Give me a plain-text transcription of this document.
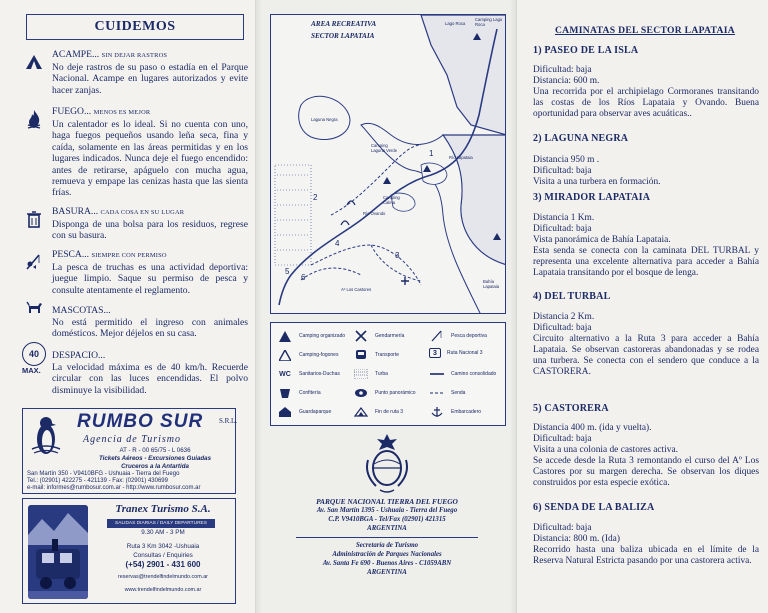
CUIDEMOS
ACAMPE... SIN DEJAR RASTROS
No deje rastros de su paso o estadía en el Parque Nacional. Acampe en lugares autorizados y evite hacer zanjas.
FUEGO... MENOS ES MEJOR
Un calentador es lo ideal. Si no cuenta con uno, haga fuegos pequeños usando leña seca, fina y caída, solamente en las áreas permitidas y en los lugares indicados. Nunca deje el fuego encendido: antes de retirarse, apáguelo con mucha agua, remueva y empape las cenizas hasta que las sienta frías.
BASURA... CADA COSA EN SU LUGAR
Disponga de una bolsa para los residuos, regrese con su basura.
PESCA... SIEMPRE CON PERMISO
La pesca de truchas es una actividad deportiva: juegue limpio. Saque su permiso de pesca y consulte atentamente el reglamento.
MASCOTAS...
No está permitido el ingreso con animales domésticos. Mejor déjelos en su casa.
40
MAX.
DESPACIO...
La velocidad máxima es de 40 km/h. Recuerde circular con las luces encendidas. El polvo disminuye la visibilidad.
RUMBO SUR S.R.L.
Agencia de Turismo
AT - R - 00 65/75 - L 0636
Tickets Aéreos - Excursiones Guiadas
Cruceros a la Antartida
San Martín 350 - V9410BFG - Ushuaia - Tierra del Fuego
Tel.: (02901) 422275 - 421139 - Fax: (02901) 430699
e-mail: informes@rumbosur.com.ar - http://www.rumbosur.com.ar
Tranex Turismo S.A.
SALIDAS DIARIAS / DAILY DEPARTURES
9.30 AM - 3 PM
Ruta 3 Km 3042 -Ushuaia
Consultas / Enquiries
(+54) 2901 - 431 600
reservas@trendelfindelmundo.com.ar
www.trendelfindelmundo.com.ar
AREA RECREATIVA
SECTOR LAPATAIA
Lago Roca
Camping Lago Roca
Laguna Negra
Camping Laguna Verde
Camping Caleta
Bahía Lapataia
Río Ovando
Río Lapataia
Aº Los Castores
5
3
1
4
2
6
Camping organizado
Camping-fogones
WC	Sanitarios-Duchas
Confitería
Guardaparque
Gendarmería
Transporte
Turba
Punto panorámico
Fin de ruta 3
Pesca deportiva
3 Ruta Nacional 3
Camino consolidado
Senda
Embarcadero
PARQUE NACIONAL TIERRA DEL FUEGO
Av. San Martín 1395 - Ushuaia - Tierra del Fuego
C.P. V9410BGA - Tel/Fax (02901) 421315
ARGENTINA
Secretaría de Turismo
Administración de Parques Nacionales
Av. Santa Fe 690 - Buenos Aires - C1059ABN
ARGENTINA
CAMINATAS DEL SECTOR LAPATAIA
1) PASEO DE LA ISLA

Dificultad: baja

Distancia: 600 m.

Una recorrida por el archipielago Cormoranes transitando las costas de los Ríos Lapataia y Ovando. Buena oportunidad para observar aves acuáticas..

2) LAGUNA NEGRA

Distancia 950 m .

Dificultad: baja

Visita a una turbera en formación.

3) MIRADOR LAPATAIA

Distancia 1 Km.

Dificultad: baja

Vista panorámica de Bahía Lapataia.

Esta senda se conecta con la caminata DEL TURBAL y representa una excelente alternativa para acceder a Bahía Lapataia transitando por el bosque de lenga.

4) DEL TURBAL

Distancia 2 Km.

Dificultad: baja

Circuito alternativo a la Ruta 3 para acceder a Bahía Lapataia. Se observan castoreras abandonadas y se rodea una turbera. Se conecta con el sendero que conduce a la CASTORERA.

5) CASTORERA

Distancia 400 m. (ida y vuelta).

Dificultad: baja

Visita a una colonia de castores activa.

Se accede desde la Ruta 3 remontando el curso del Aº Los Castores por su margen derecha. Se observan los diques construidos por esta especie exótica.

6) SENDA DE LA BALIZA

Dificultad: baja

Distancia: 800 m. (Ida)

Recorrido hasta una baliza ubicada en el límite de la Reserva Natural Estricta pasando por una castorera activa.
